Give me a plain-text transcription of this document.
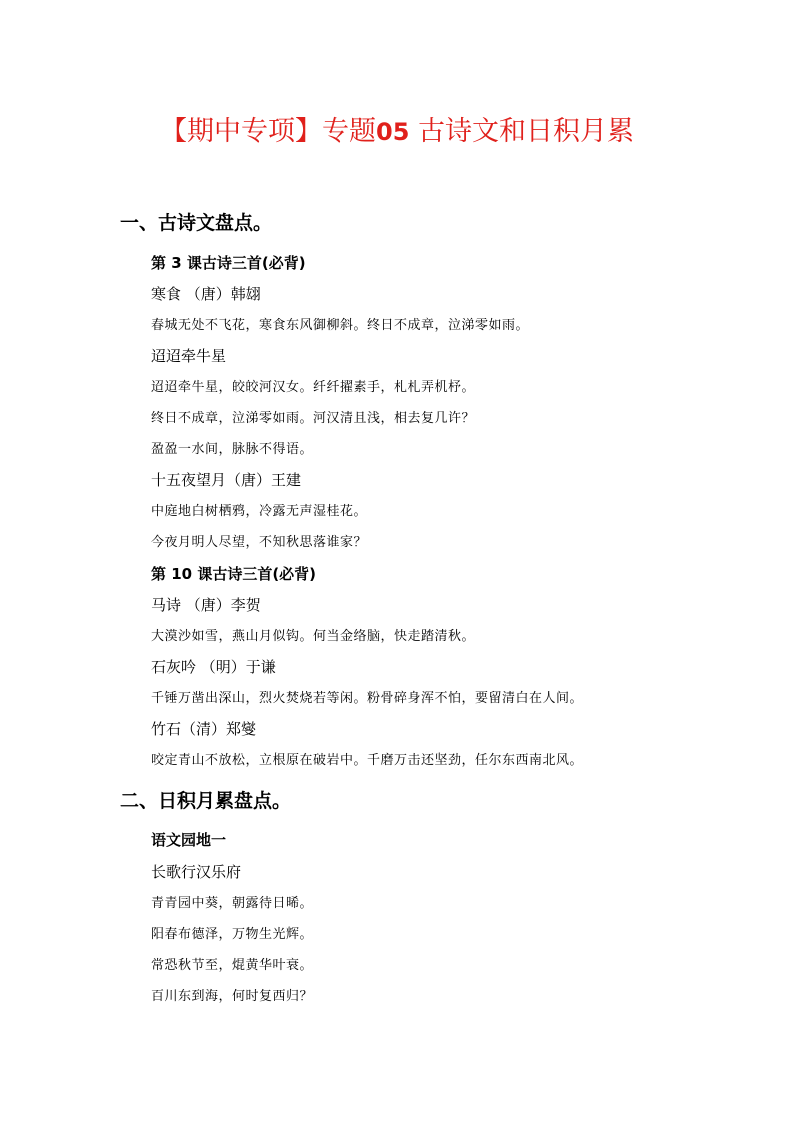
【期中专项】专题05 古诗文和日积月累
一、古诗文盘点。

第 3 课古诗三首(必背)

寒食 （唐）韩翃

春城无处不飞花，寒食东风御柳斜。终日不成章，泣涕零如雨。

迢迢牵牛星

迢迢牵牛星，皎皎河汉女。纤纤擢素手，札札弄机杼。

终日不成章，泣涕零如雨。河汉清且浅，相去复几许？

盈盈一水间，脉脉不得语。

十五夜望月（唐）王建

中庭地白树栖鸦，冷露无声湿桂花。

今夜月明人尽望，不知秋思落谁家？

第 10 课古诗三首(必背)

马诗 （唐）李贺

大漠沙如雪，燕山月似钩。何当金络脑，快走踏清秋。

石灰吟 （明）于谦

千锤万凿出深山，烈火焚烧若等闲。粉骨碎身浑不怕，要留清白在人间。

竹石（清）郑燮

咬定青山不放松，立根原在破岩中。千磨万击还坚劲，任尔东西南北风。

二、日积月累盘点。

语文园地一

长歌行汉乐府

青青园中葵，朝露待日晞。

阳春布德泽，万物生光辉。

常恐秋节至，焜黄华叶衰。

百川东到海，何时复西归？
